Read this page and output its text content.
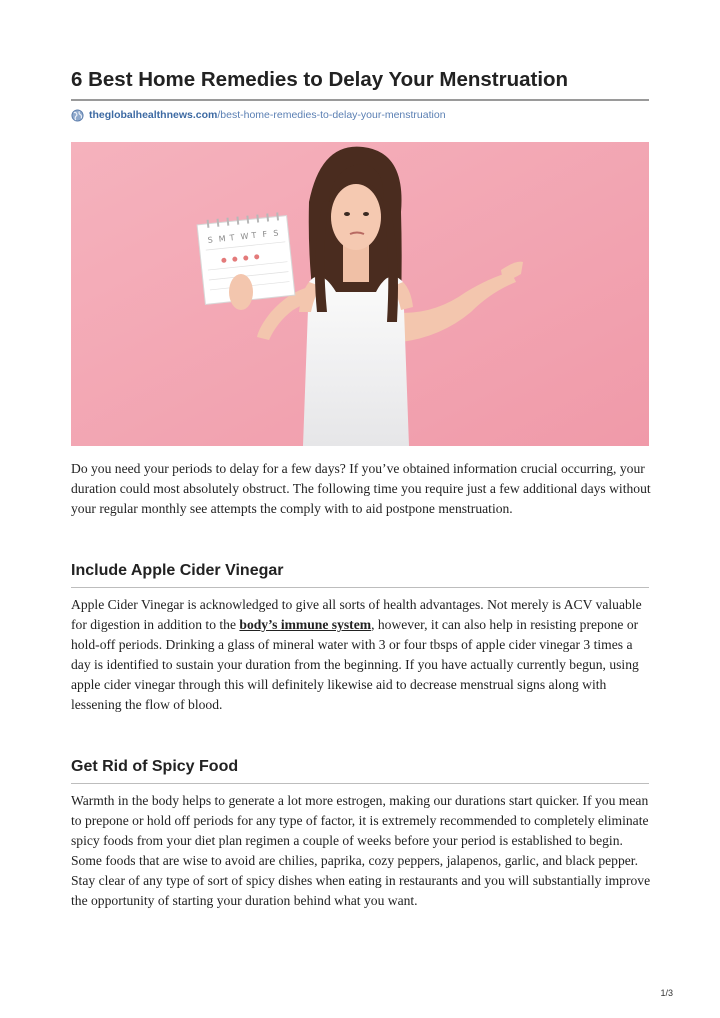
6 Best Home Remedies to Delay Your Menstruation
theglobalhealthnews.com /best-home-remedies-to-delay-your-menstruation
S M T W T F S

Do you need your periods to delay for a few days? If you’ve obtained information crucial occurring, your duration could most absolutely obstruct. The following time you require just a few additional days without your regular monthly see attempts the comply with to aid postpone menstruation.

Include Apple Cider Vinegar

Apple Cider Vinegar is acknowledged to give all sorts of health advantages. Not merely is ACV valuable for digestion in addition to the body’s immune system, however, it can also help in resisting prepone or hold-off periods. Drinking a glass of mineral water with 3 or four tbsps of apple cider vinegar 3 times a day is identified to sustain your duration from the beginning. If you have actually currently begun, using apple cider vinegar through this will definitely likewise aid to decrease menstrual signs along with lessening the flow of blood.

Get Rid of Spicy Food

Warmth in the body helps to generate a lot more estrogen, making our durations start quicker. If you mean to prepone or hold off periods for any type of factor, it is extremely recommended to completely eliminate spicy foods from your diet plan regimen a couple of weeks before your period is established to begin. Some foods that are wise to avoid are chilies, paprika, cozy peppers, jalapenos, garlic, and black pepper. Stay clear of any type of sort of spicy dishes when eating in restaurants and you will substantially improve the opportunity of starting your duration behind what you want.

1/3
